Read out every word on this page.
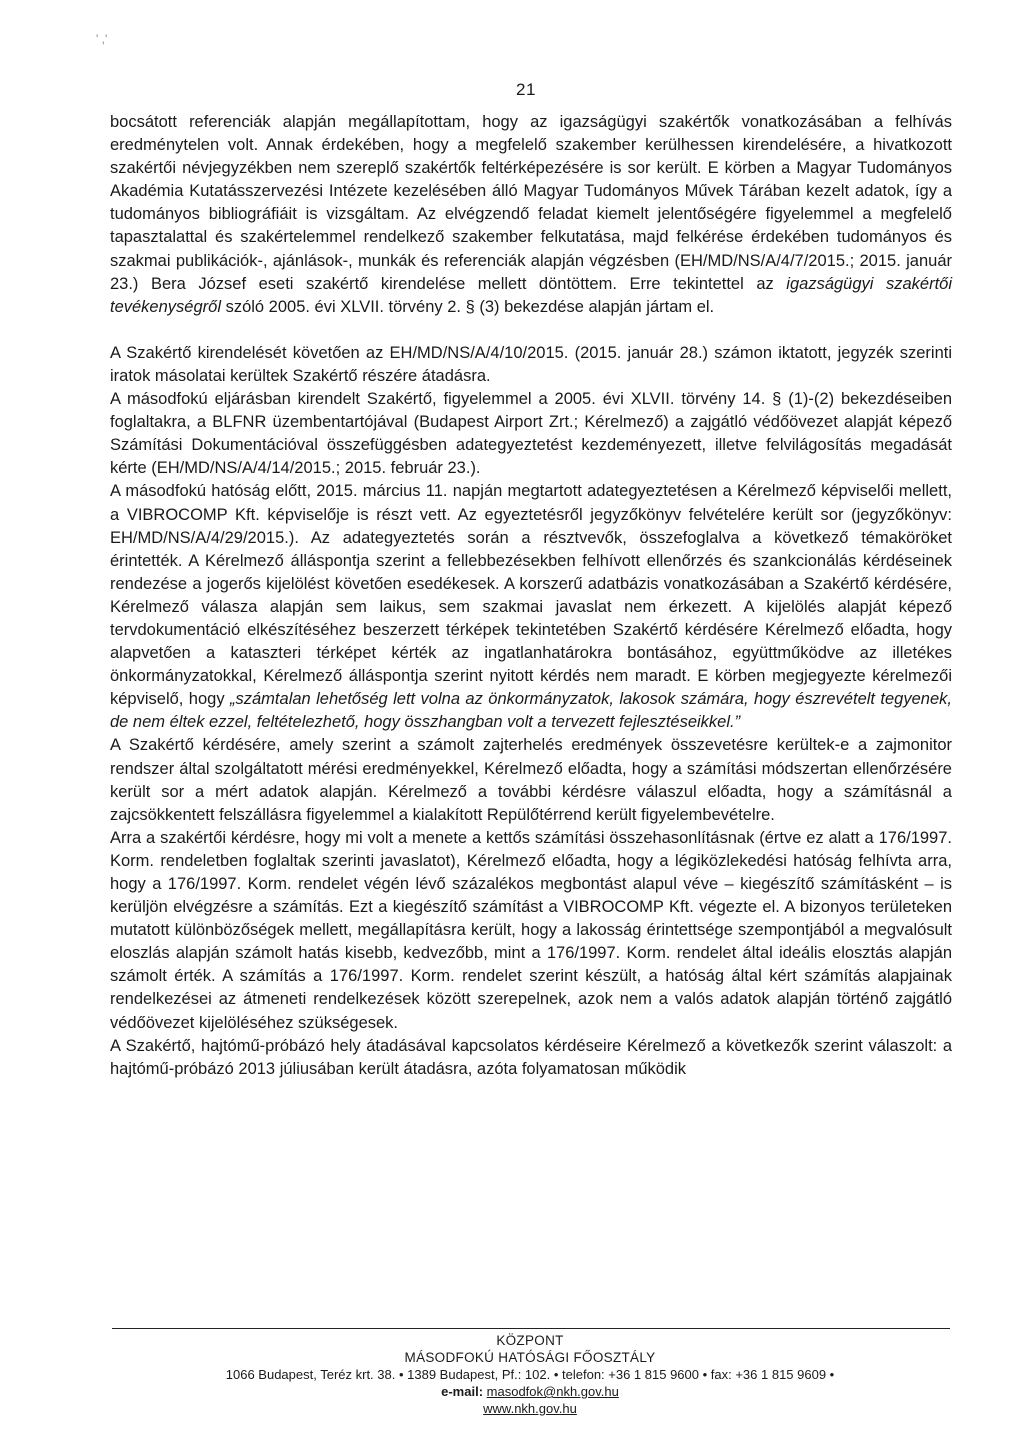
' ,'
21

bocsátott referenciák alapján megállapítottam, hogy az igazságügyi szakértők vonatkozásában a felhívás eredménytelen volt. Annak érdekében, hogy a megfelelő szakember kerülhessen kirendelésére, a hivatkozott szakértői névjegyzékben nem szereplő szakértők feltérképezésére is sor került. E körben a Magyar Tudományos Akadémia Kutatásszervezési Intézete kezelésében álló Magyar Tudományos Művek Tárában kezelt adatok, így a tudományos bibliográfiáit is vizsgáltam. Az elvégzendő feladat kiemelt jelentőségére figyelemmel a megfelelő tapasztalattal és szakértelemmel rendelkező szakember felkutatása, majd felkérése érdekében tudományos és szakmai publikációk-, ajánlások-, munkák és referenciák alapján végzésben (EH/MD/NS/A/4/7/2015.; 2015. január 23.) Bera József eseti szakértő kirendelése mellett döntöttem. Erre tekintettel az igazságügyi szakértői tevékenységről szóló 2005. évi XLVII. törvény 2. § (3) bekezdése alapján jártam el.

A Szakértő kirendelését követően az EH/MD/NS/A/4/10/2015. (2015. január 28.) számon iktatott, jegyzék szerinti iratok másolatai kerültek Szakértő részére átadásra.

A másodfokú eljárásban kirendelt Szakértő, figyelemmel a 2005. évi XLVII. törvény 14. § (1)-(2) bekezdéseiben foglaltakra, a BLFNR üzembentartójával (Budapest Airport Zrt.; Kérelmező) a zajgátló védőövezet alapját képező Számítási Dokumentációval összefüggésben adategyeztetést kezdeményezett, illetve felvilágosítás megadását kérte (EH/MD/NS/A/4/14/2015.; 2015. február 23.).

A másodfokú hatóság előtt, 2015. március 11. napján megtartott adategyeztetésen a Kérelmező képviselői mellett, a VIBROCOMP Kft. képviselője is részt vett. Az egyeztetésről jegyzőkönyv felvételére került sor (jegyzőkönyv: EH/MD/NS/A/4/29/2015.). Az adategyeztetés során a résztvevők, összefoglalva a következő témaköröket érintették. A Kérelmező álláspontja szerint a fellebbezésekben felhívott ellenőrzés és szankcionálás kérdéseinek rendezése a jogerős kijelölést követően esedékesek. A korszerű adatbázis vonatkozásában a Szakértő kérdésére, Kérelmező válasza alapján sem laikus, sem szakmai javaslat nem érkezett. A kijelölés alapját képező tervdokumentáció elkészítéséhez beszerzett térképek tekintetében Szakértő kérdésére Kérelmező előadta, hogy alapvetően a kataszteri térképet kérték az ingatlanhatárokra bontásához, együttműködve az illetékes önkormányzatokkal, Kérelmező álláspontja szerint nyitott kérdés nem maradt. E körben megjegyezte kérelmezői képviselő, hogy „számtalan lehetőség lett volna az önkormányzatok, lakosok számára, hogy észrevételt tegyenek, de nem éltek ezzel, feltételezhető, hogy összhangban volt a tervezett fejlesztéseikkel.”

A Szakértő kérdésére, amely szerint a számolt zajterhelés eredmények összevetésre kerültek-e a zajmonitor rendszer által szolgáltatott mérési eredményekkel, Kérelmező előadta, hogy a számítási módszertan ellenőrzésére került sor a mért adatok alapján. Kérelmező a további kérdésre válaszul előadta, hogy a számításnál a zajcsökkentett felszállásra figyelemmel a kialakított Repülőtérrend került figyelembevételre.

Arra a szakértői kérdésre, hogy mi volt a menete a kettős számítási összehasonlításnak (értve ez alatt a 176/1997. Korm. rendeletben foglaltak szerinti javaslatot), Kérelmező előadta, hogy a légiközlekedési hatóság felhívta arra, hogy a 176/1997. Korm. rendelet végén lévő százalékos megbontást alapul véve – kiegészítő számításként – is kerüljön elvégzésre a számítás. Ezt a kiegészítő számítást a VIBROCOMP Kft. végezte el. A bizonyos területeken mutatott különbözőségek mellett, megállapításra került, hogy a lakosság érintettsége szempontjából a megvalósult eloszlás alapján számolt hatás kisebb, kedvezőbb, mint a 176/1997. Korm. rendelet által ideális elosztás alapján számolt érték. A számítás a 176/1997. Korm. rendelet szerint készült, a hatóság által kért számítás alapjainak rendelkezései az átmeneti rendelkezések között szerepelnek, azok nem a valós adatok alapján történő zajgátló védőövezet kijelöléséhez szükségesek.

A Szakértő, hajtómű-próbázó hely átadásával kapcsolatos kérdéseire Kérelmező a következők szerint válaszolt: a hajtómű-próbázó 2013 júliusában került átadásra, azóta folyamatosan működik

KÖZPONT
MÁSODFOKÚ HATÓSÁGI FŐOSZTÁLY
1066 Budapest, Teréz krt. 38. • 1389 Budapest, Pf.: 102. • telefon: +36 1 815 9600 • fax: +36 1 815 9609 •
e-mail: masodfok@nkh.gov.hu
www.nkh.gov.hu
